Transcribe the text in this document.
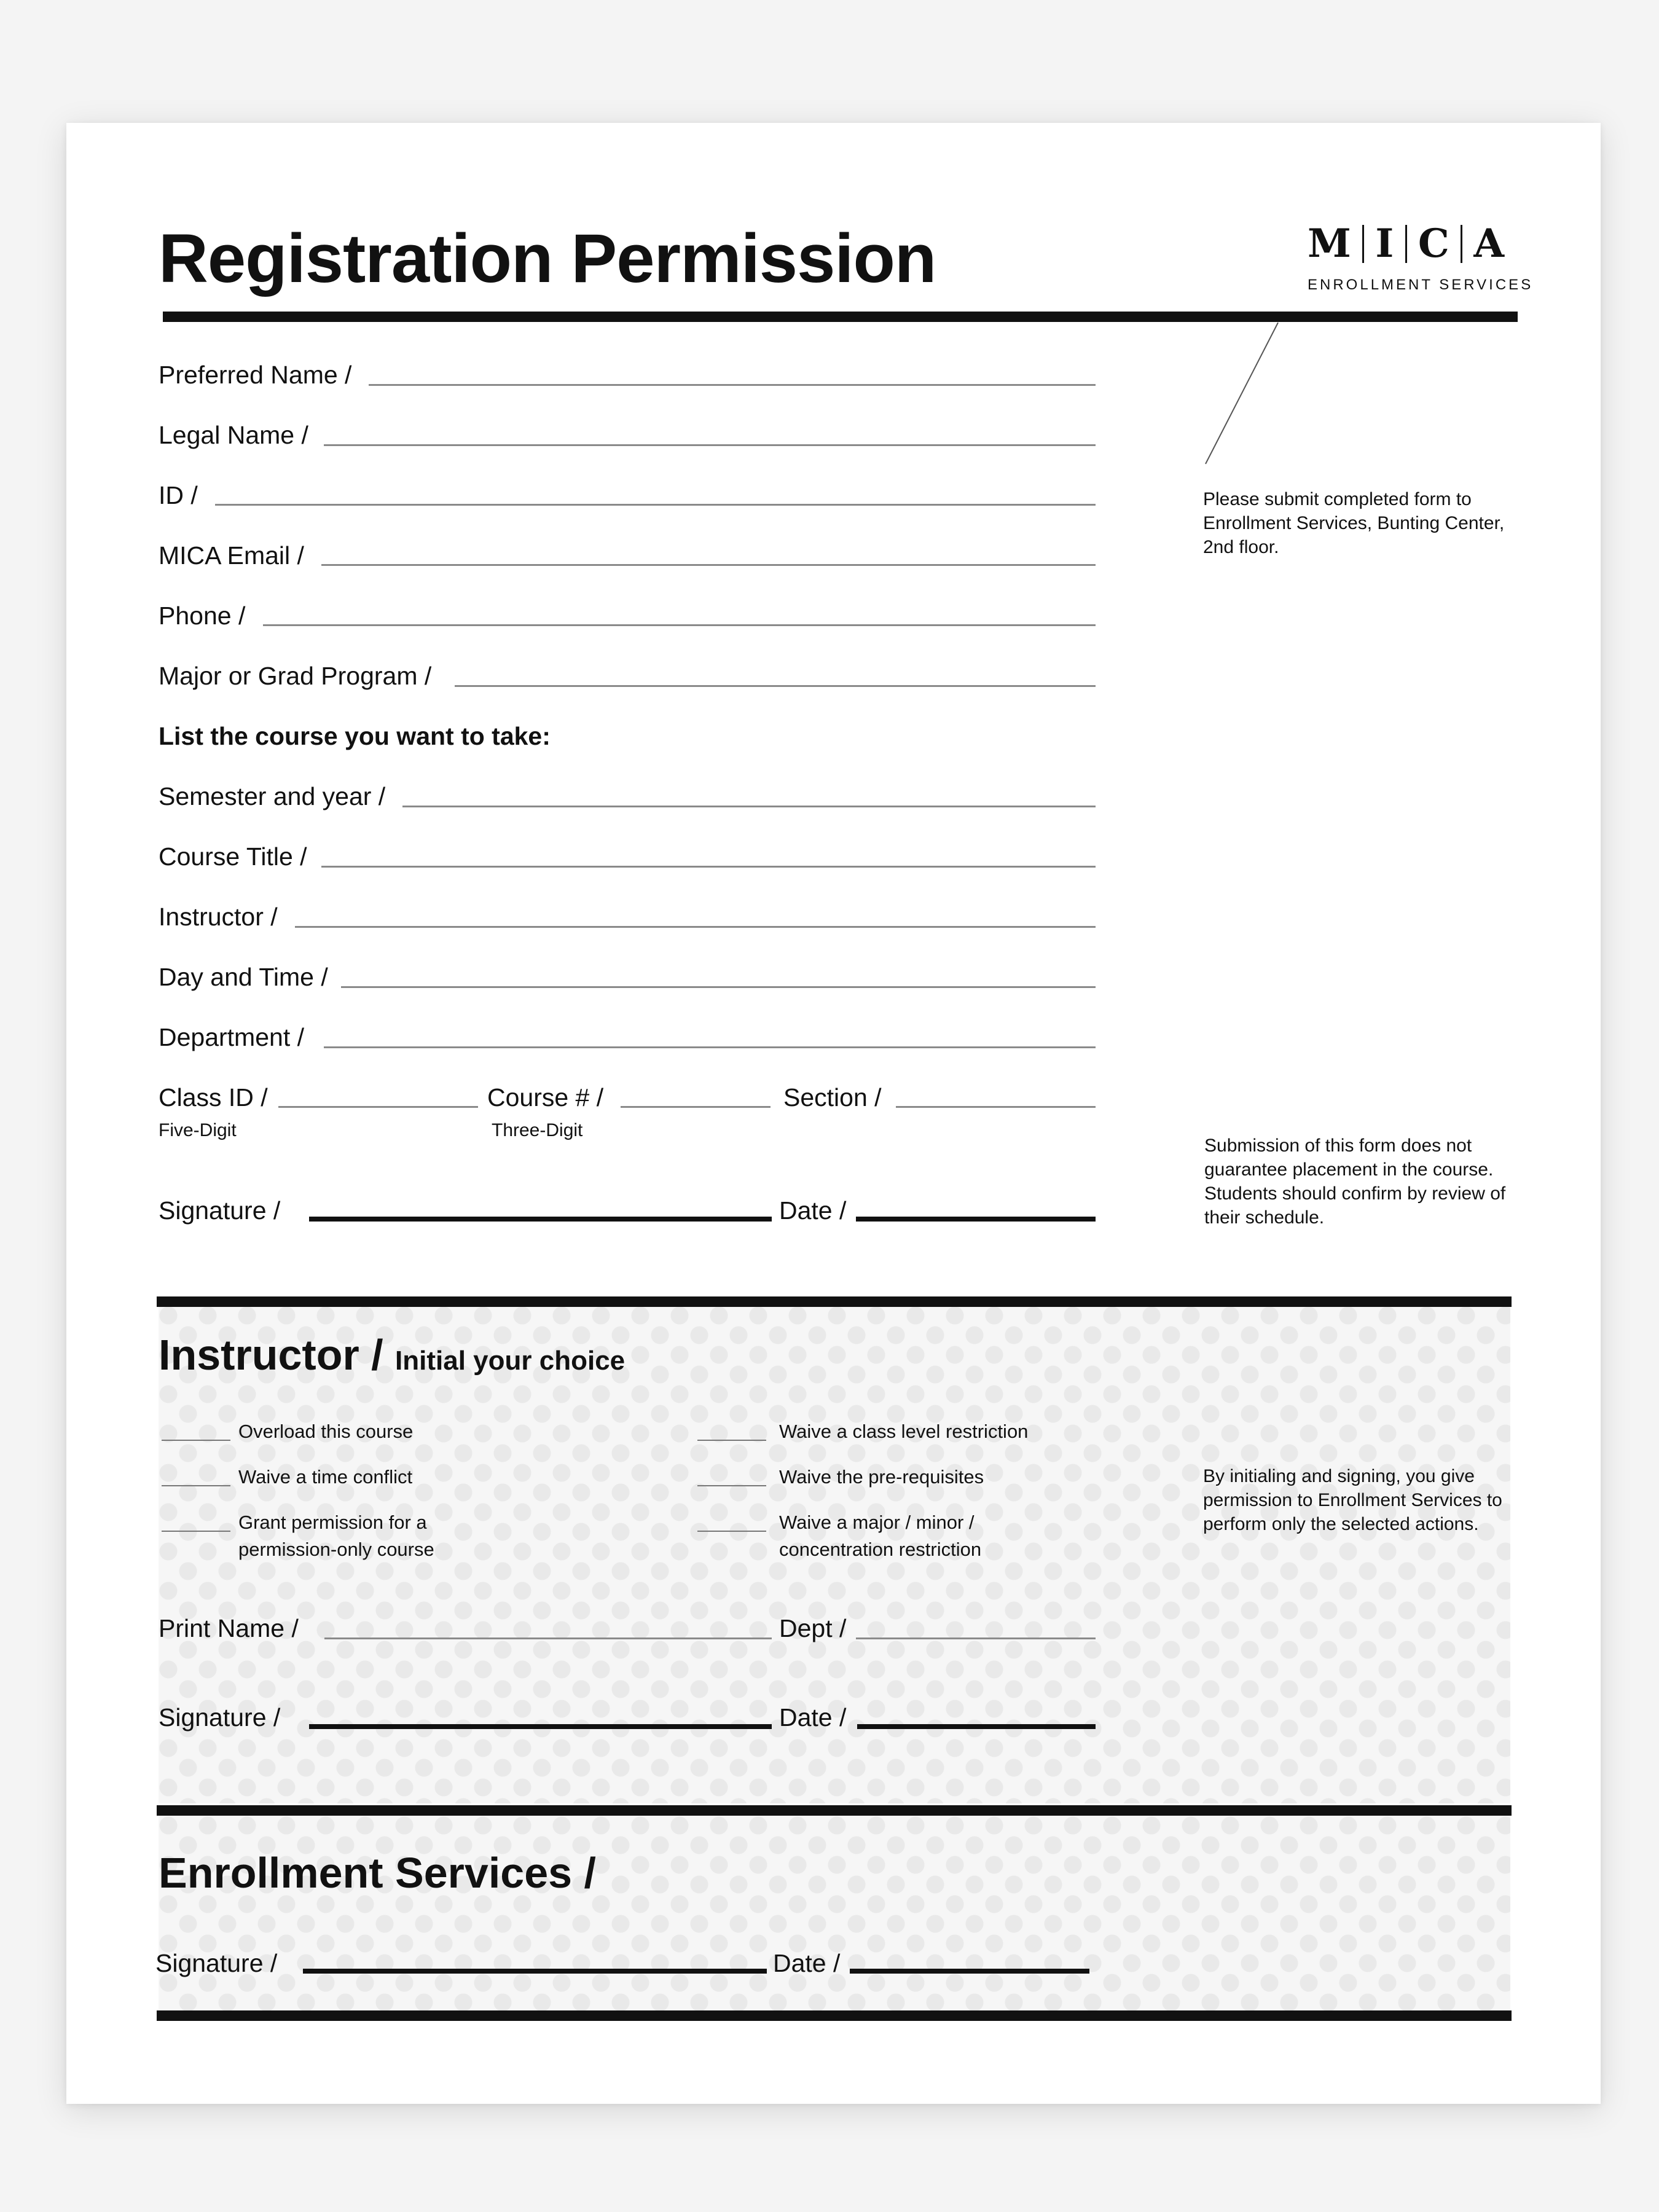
Registration Permission	M I C A
ENROLLMENT SERVICES
Preferred Name /
Legal Name /
ID /
MICA Email /
Phone /
Major or Grad Program /
List the course you want to take:
Semester and year /
Course Title /
Instructor /
Day and Time /
Department /
Class ID /
Five-Digit
Course # /
Three-Digit
Section /
Signature /	Date /
Please submit completed form to Enrollment Services, Bunting Center, 2nd floor.
Submission of this form does not guarantee placement in the course. Students should confirm by review of their schedule.
Instructor / Initial your choice
Overload this course
Waive a time conflict
Grant permission for a
permission-only course
Waive a class level restriction
Waive the pre-requisites
Waive a major / minor /
concentration restriction
By initialing and signing, you give permission to Enrollment Services to perform only the selected actions.
Print Name /	Dept /
Signature /	Date /
Enrollment Services /
Signature /	Date /
